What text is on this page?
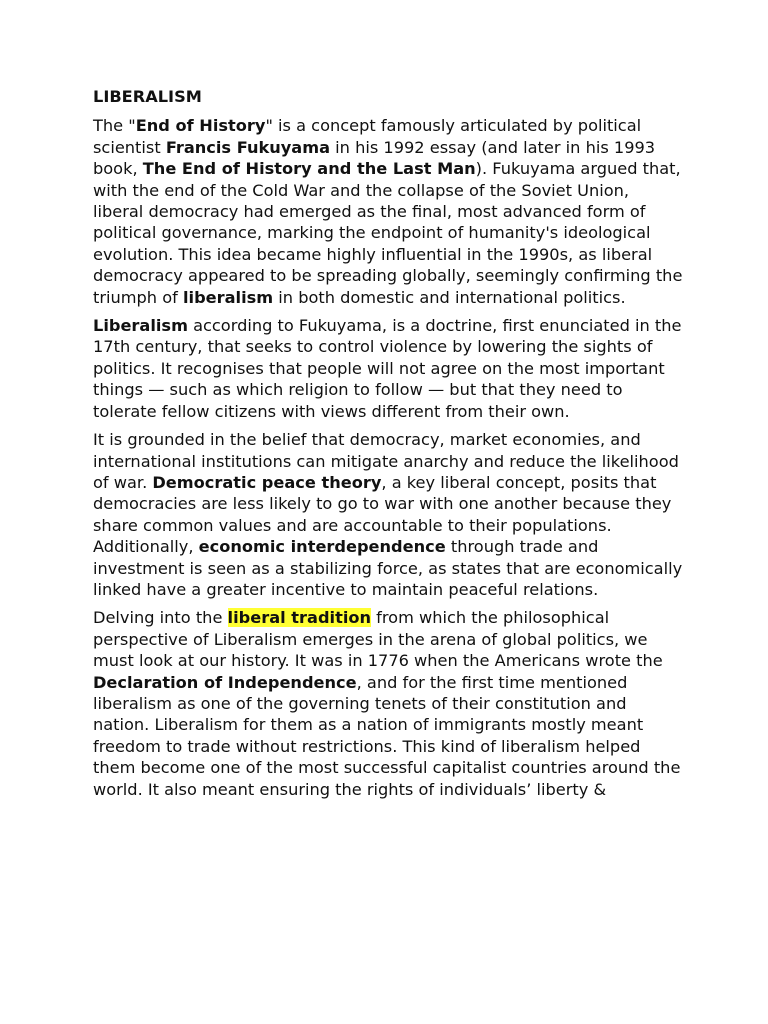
LIBERALISM

The "End of History" is a concept famously articulated by political scientist Francis Fukuyama in his 1992 essay (and later in his 1993 book, The End of History and the Last Man). Fukuyama argued that, with the end of the Cold War and the collapse of the Soviet Union, liberal democracy had emerged as the final, most advanced form of political governance, marking the endpoint of humanity's ideological evolution. This idea became highly influential in the 1990s, as liberal democracy appeared to be spreading globally, seemingly confirming the triumph of liberalism in both domestic and international politics.

Liberalism according to Fukuyama, is a doctrine, first enunciated in the 17th century, that seeks to control violence by lowering the sights of politics. It recognises that people will not agree on the most important things — such as which religion to follow — but that they need to tolerate fellow citizens with views different from their own.

It is grounded in the belief that democracy, market economies, and international institutions can mitigate anarchy and reduce the likelihood of war. Democratic peace theory, a key liberal concept, posits that democracies are less likely to go to war with one another because they share common values and are accountable to their populations. Additionally, economic interdependence through trade and investment is seen as a stabilizing force, as states that are economically linked have a greater incentive to maintain peaceful relations.

Delving into the liberal tradition from which the philosophical perspective of Liberalism emerges in the arena of global politics, we must look at our history. It was in 1776 when the Americans wrote the Declaration of Independence, and for the first time mentioned liberalism as one of the governing tenets of their constitution and nation. Liberalism for them as a nation of immigrants mostly meant freedom to trade without restrictions. This kind of liberalism helped them become one of the most successful capitalist countries around the world. It also meant ensuring the rights of individuals’ liberty &
